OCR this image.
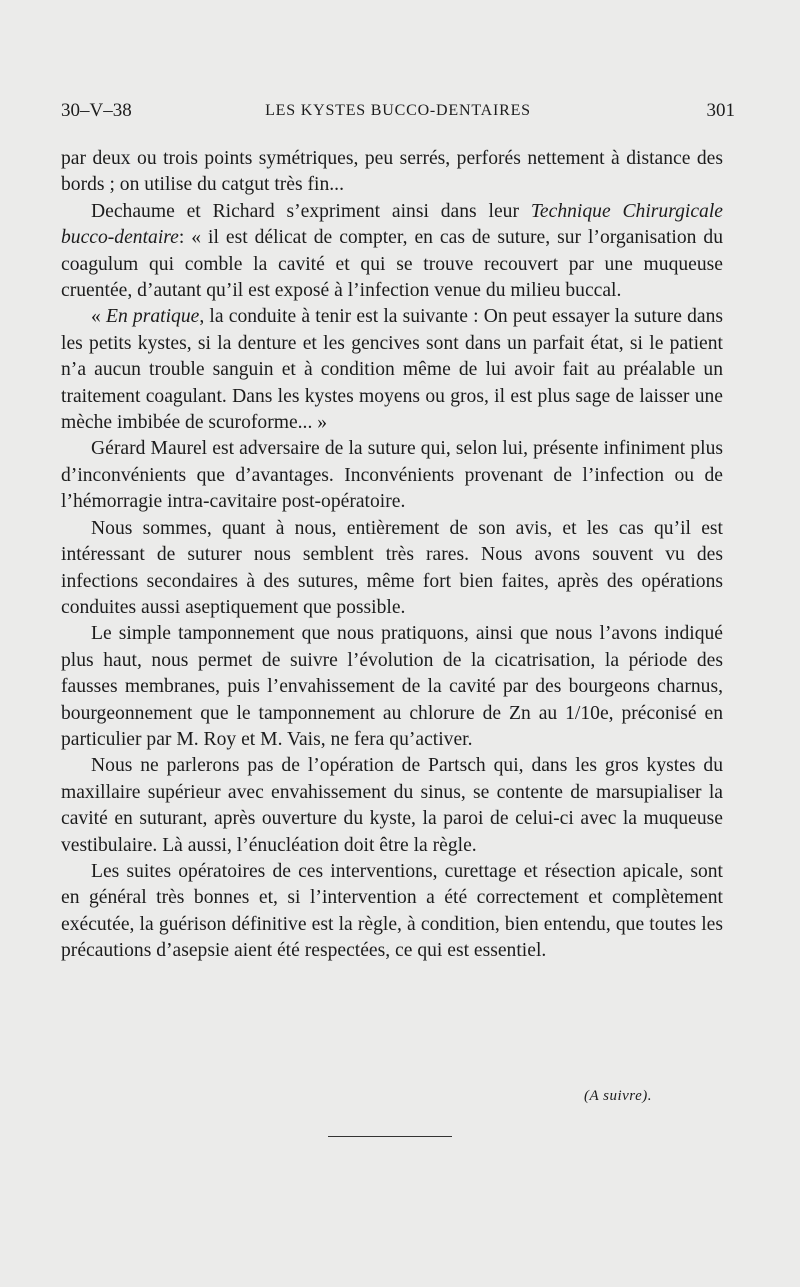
30–V–38	LES KYSTES BUCCO-DENTAIRES	301

par deux ou trois points symétriques, peu serrés, perforés nettement à distance des bords ; on utilise du catgut très fin...

Dechaume et Richard s’expriment ainsi dans leur Technique Chirurgicale bucco-dentaire: « il est délicat de compter, en cas de suture, sur l’organisation du coagulum qui comble la cavité et qui se trouve recouvert par une muqueuse cruentée, d’autant qu’il est exposé à l’infection venue du milieu buccal.

« En pratique, la conduite à tenir est la suivante : On peut essayer la suture dans les petits kystes, si la denture et les gencives sont dans un parfait état, si le patient n’a aucun trouble sanguin et à condition même de lui avoir fait au préalable un traitement coagulant. Dans les kystes moyens ou gros, il est plus sage de laisser une mèche imbibée de scuroforme... »

Gérard Maurel est adversaire de la suture qui, selon lui, présente infiniment plus d’inconvénients que d’avantages. Inconvénients provenant de l’infection ou de l’hémorragie intra-cavitaire post-opératoire.

Nous sommes, quant à nous, entièrement de son avis, et les cas qu’il est intéressant de suturer nous semblent très rares. Nous avons souvent vu des infections secondaires à des sutures, même fort bien faites, après des opérations conduites aussi aseptiquement que possible.

Le simple tamponnement que nous pratiquons, ainsi que nous l’avons indiqué plus haut, nous permet de suivre l’évolution de la cicatrisation, la période des fausses membranes, puis l’envahissement de la cavité par des bourgeons charnus, bourgeonnement que le tamponnement au chlorure de Zn au 1/10e, préconisé en particulier par M. Roy et M. Vais, ne fera qu’activer.

Nous ne parlerons pas de l’opération de Partsch qui, dans les gros kystes du maxillaire supérieur avec envahissement du sinus, se contente de marsupialiser la cavité en suturant, après ouverture du kyste, la paroi de celui-ci avec la muqueuse vestibulaire. Là aussi, l’énucléation doit être la règle.

Les suites opératoires de ces interventions, curettage et résection apicale, sont en général très bonnes et, si l’intervention a été correctement et complètement exécutée, la guérison définitive est la règle, à condition, bien entendu, que toutes les précautions d’asepsie aient été respectées, ce qui est essentiel.

(A suivre).
